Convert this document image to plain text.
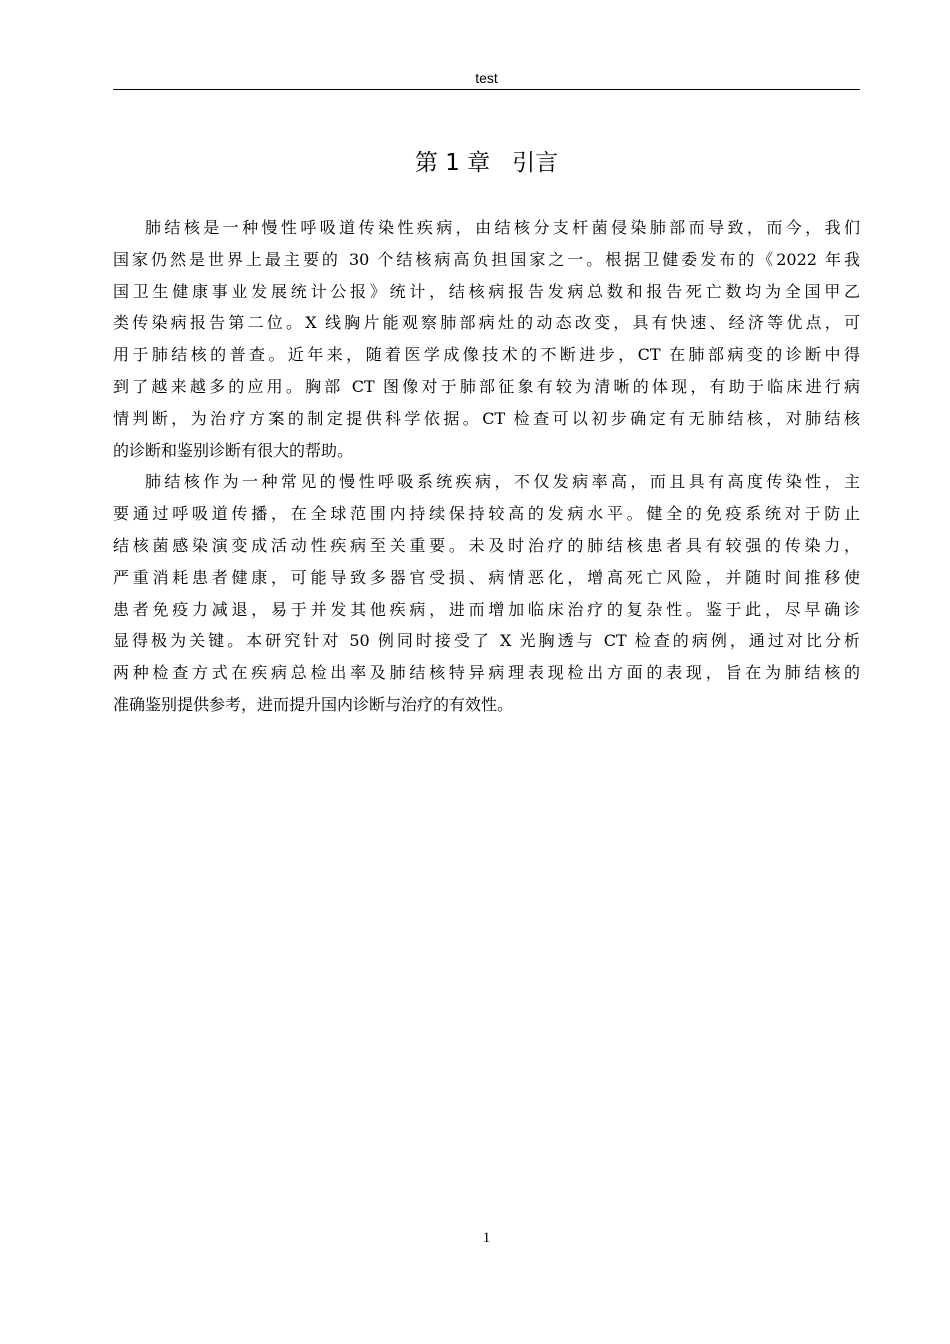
test
第 1 章   引言

肺结核是一种慢性呼吸道传染性疾病，由结核分支杆菌侵染肺部而导致，而今，我们
国家仍然是世界上最主要的 30 个结核病高负担国家之一。根据卫健委发布的《2022 年我
国卫生健康事业发展统计公报》统计，结核病报告发病总数和报告死亡数均为全国甲乙
类传染病报告第二位。X 线胸片能观察肺部病灶的动态改变，具有快速、经济等优点，可
用于肺结核的普查。近年来，随着医学成像技术的不断进步，CT 在肺部病变的诊断中得
到了越来越多的应用。胸部 CT 图像对于肺部征象有较为清晰的体现，有助于临床进行病
情判断，为治疗方案的制定提供科学依据。CT 检查可以初步确定有无肺结核，对肺结核
的诊断和鉴别诊断有很大的帮助。

肺结核作为一种常见的慢性呼吸系统疾病，不仅发病率高，而且具有高度传染性，主
要通过呼吸道传播，在全球范围内持续保持较高的发病水平。健全的免疫系统对于防止
结核菌感染演变成活动性疾病至关重要。未及时治疗的肺结核患者具有较强的传染力，
严重消耗患者健康，可能导致多器官受损、病情恶化，增高死亡风险，并随时间推移使
患者免疫力减退，易于并发其他疾病，进而增加临床治疗的复杂性。鉴于此，尽早确诊
显得极为关键。本研究针对 50 例同时接受了 X 光胸透与 CT 检查的病例，通过对比分析
两种检查方式在疾病总检出率及肺结核特异病理表现检出方面的表现，旨在为肺结核的
准确鉴别提供参考，进而提升国内诊断与治疗的有效性。

1
